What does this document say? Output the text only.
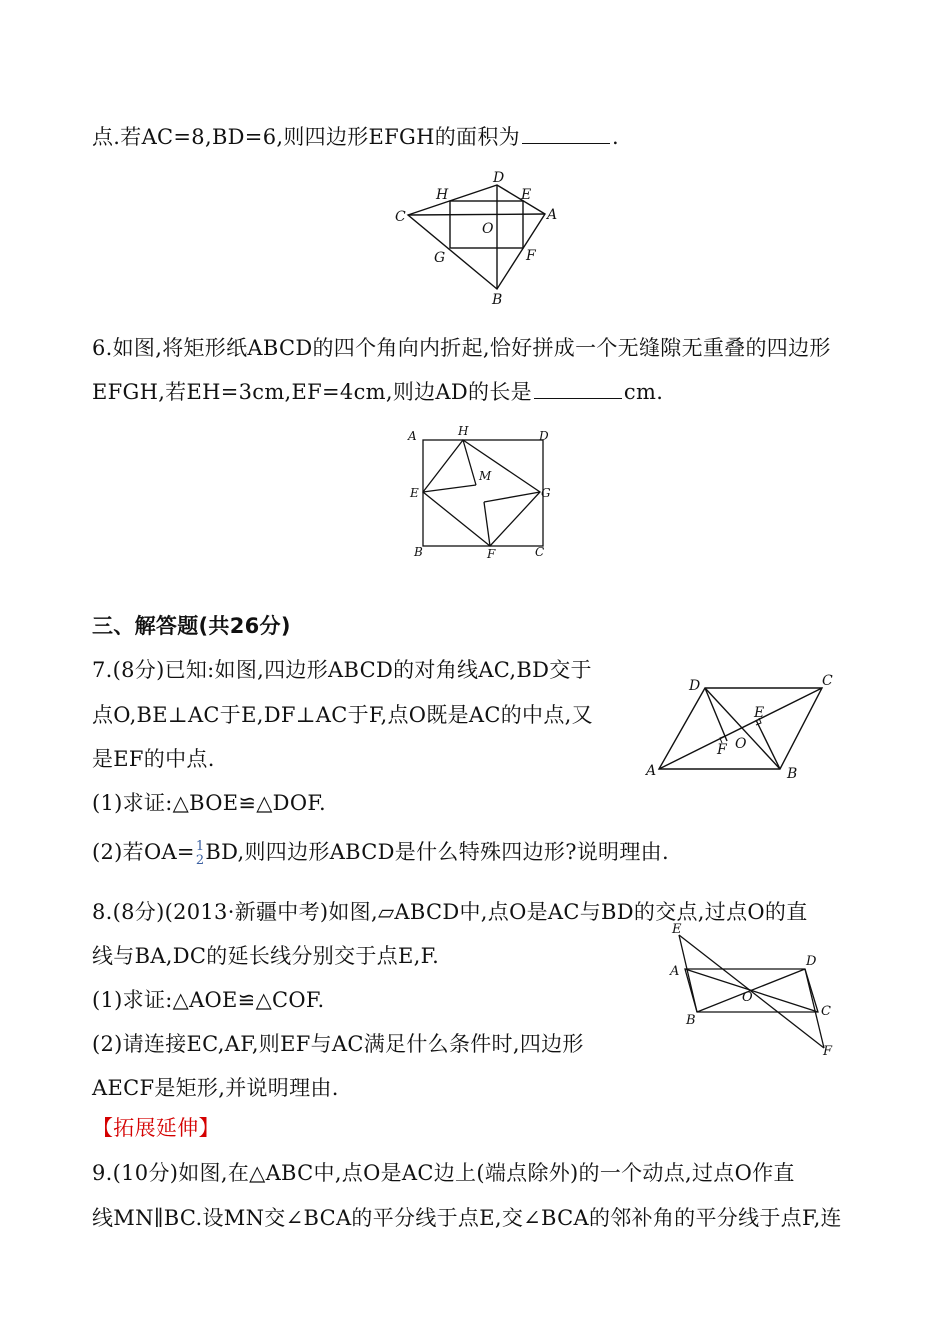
点.若AC=8,BD=6,则四边形EFGH的面积为	.
D
H	E
C
O
A
G	F
B
6.如图,将矩形纸ABCD的四个角向内折起,恰好拼成一个无缝隙无重叠的四边形
EFGH,若EH=3cm,EF=4cm,则边AD的长是	cm.
A	H	D
M
E	G
B	F	C
三、解答题(共26分)
7.(8分)已知:如图,四边形ABCD的对角线AC,BD交于
点O,BE⊥AC于E,DF⊥AC于F,点O既是AC的中点,又
是EF的中点.
(1)求证:△BOE≌△DOF.
(2)若OA= 1
2 BD,则四边形ABCD是什么特殊四边形?说明理由.
D	C
E
F O
A	B
8.(8分)(2013·新疆中考)如图,▱ABCD中,点O是AC与BD的交点,过点O的直
线与BA,DC的延长线分别交于点E,F.
(1)求证:△AOE≌△COF.
(2)请连接EC,AF,则EF与AC满足什么条件时,四边形
AECF是矩形,并说明理由.
E
A
D
O
B
C
F
【拓展延伸】
9.(10分)如图,在△ABC中,点O是AC边上(端点除外)的一个动点,过点O作直
线MN∥BC.设MN交∠BCA的平分线于点E,交∠BCA的邻补角的平分线于点F,连
